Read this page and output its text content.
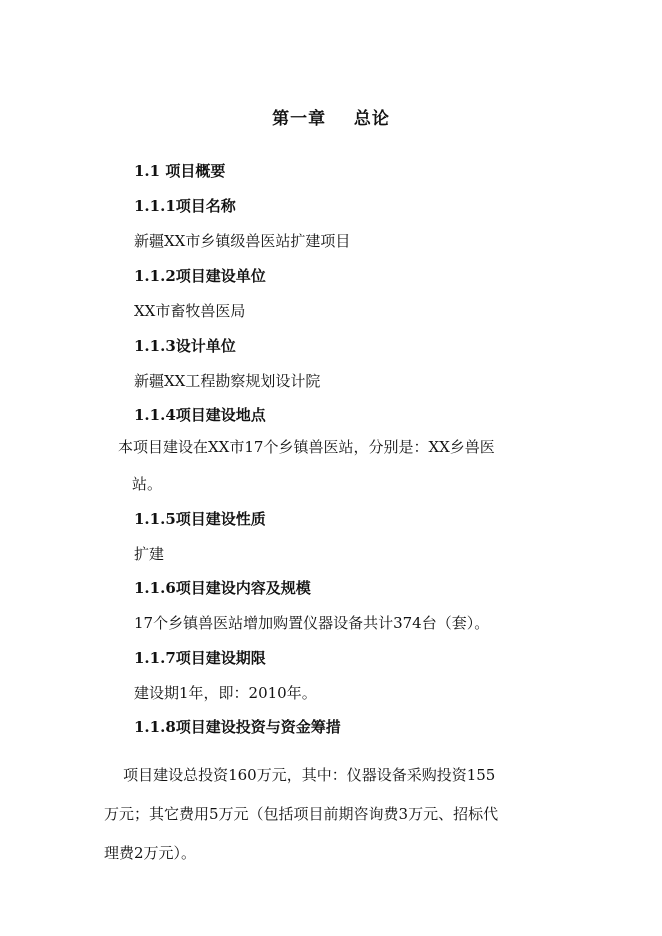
第一章    总论
1.1 项目概要
1.1.1项目名称
新疆XX市乡镇级兽医站扩建项目
1.1.2项目建设单位
XX市畜牧兽医局
1.1.3设计单位
新疆XX工程勘察规划设计院
1.1.4项目建设地点
本项目建设在XX市17个乡镇兽医站，分别是：XX乡兽医
站。
1.1.5项目建设性质
扩建
1.1.6项目建设内容及规模
17个乡镇兽医站增加购置仪器设备共计374台（套）。
1.1.7项目建设期限
建设期1年，即：2010年。
1.1.8项目建设投资与资金筹措
项目建设总投资160万元，其中：仪器设备采购投资155
万元；其它费用5万元（包括项目前期咨询费3万元、招标代
理费2万元）。
